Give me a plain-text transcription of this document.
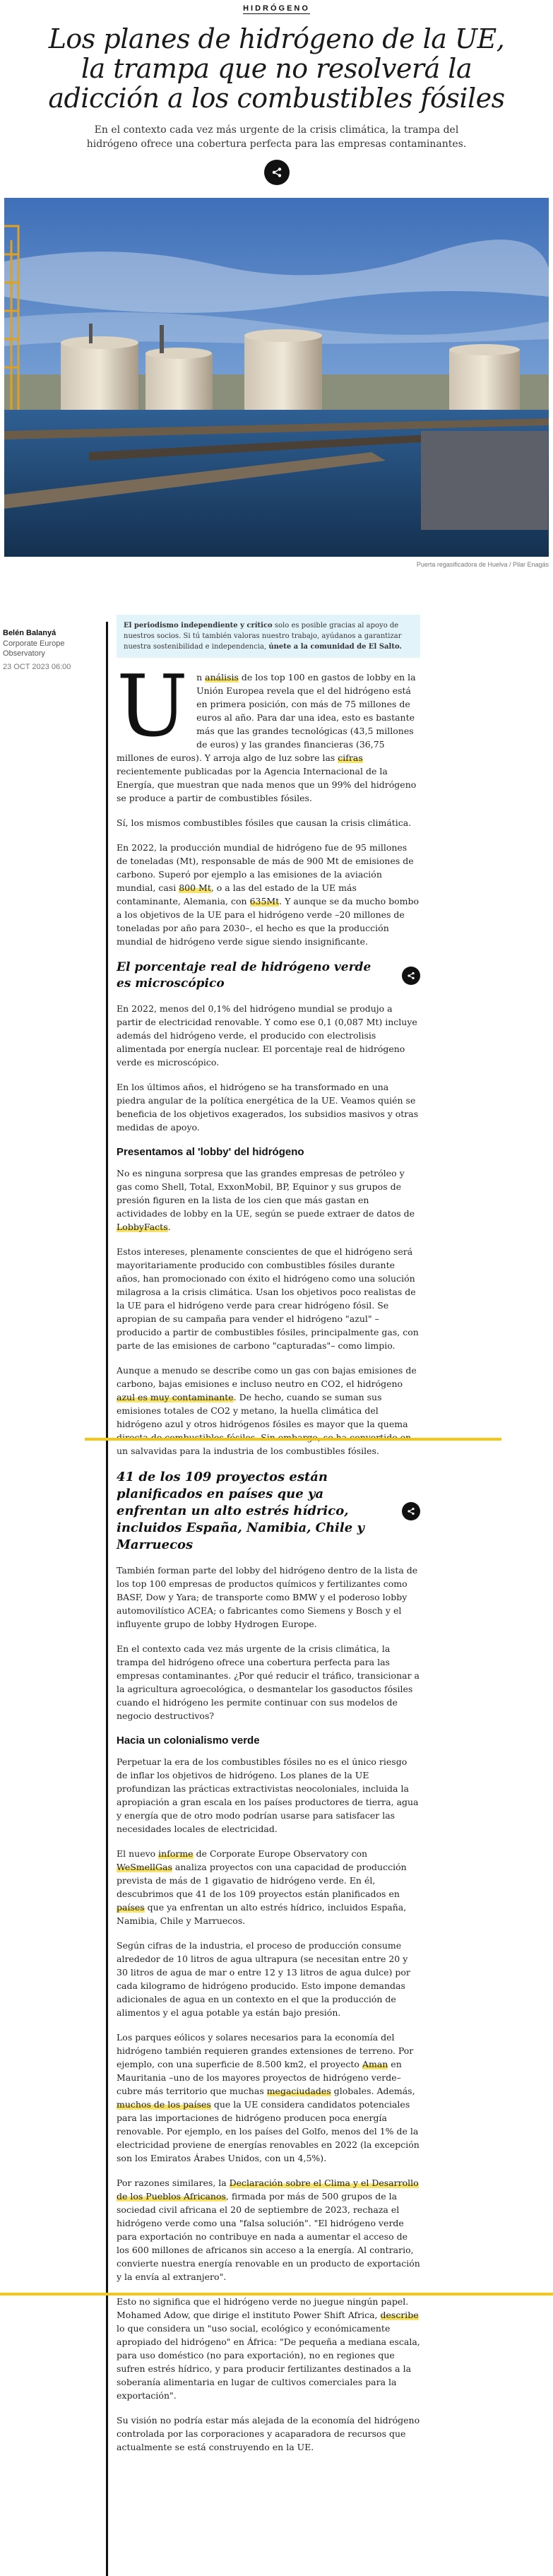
HIDRÓGENO
Los planes de hidrógeno de la UE, la trampa que no resolverá la adicción a los combustibles fósiles

En el contexto cada vez más urgente de la crisis climática, la trampa del hidrógeno ofrece una cobertura perfecta para las empresas contaminantes.

Puerta regasificadora de Huelva / Pilar Enagás
Belén Balanyá
Corporate Europe Observatory
23 OCT 2023 06:00
El periodismo independiente y crítico solo es posible gracias al apoyo de nuestros socios. Si tú también valoras nuestro trabajo, ayúdanos a garantizar nuestra sostenibilidad e independencia, únete a la comunidad de El Salto.

Un análisis de los top 100 en gastos de lobby en la Unión Europea revela que el del hidrógeno está en primera posición, con más de 75 millones de euros al año. Para dar una idea, esto es bastante más que las grandes tecnológicas (43,5 millones de euros) y las grandes financieras (36,75 millones de euros). Y arroja algo de luz sobre las cifras recientemente publicadas por la Agencia Internacional de la Energía, que muestran que nada menos que un 99% del hidrógeno se produce a partir de combustibles fósiles.

Sí, los mismos combustibles fósiles que causan la crisis climática.

En 2022, la producción mundial de hidrógeno fue de 95 millones de toneladas (Mt), responsable de más de 900 Mt de emisiones de carbono. Superó por ejemplo a las emisiones de la aviación mundial, casi 800 Mt, o a las del estado de la UE más contaminante, Alemania, con 635Mt. Y aunque se da mucho bombo a los objetivos de la UE para el hidrógeno verde –20 millones de toneladas por año para 2030–, el hecho es que la producción mundial de hidrógeno verde sigue siendo insignificante.

El porcentaje real de hidrógeno verde es microscópico

En 2022, menos del 0,1% del hidrógeno mundial se produjo a partir de electricidad renovable. Y como ese 0,1 (0,087 Mt) incluye además del hidrógeno verde, el producido con electrolisis alimentada por energía nuclear. El porcentaje real de hidrógeno verde es microscópico.

En los últimos años, el hidrógeno se ha transformado en una piedra angular de la política energética de la UE. Veamos quién se beneficia de los objetivos exagerados, los subsidios masivos y otras medidas de apoyo.

Presentamos al 'lobby' del hidrógeno

No es ninguna sorpresa que las grandes empresas de petróleo y gas como Shell, Total, ExxonMobil, BP, Equinor y sus grupos de presión figuren en la lista de los cien que más gastan en actividades de lobby en la UE, según se puede extraer de datos de LobbyFacts.

Estos intereses, plenamente conscientes de que el hidrógeno será mayoritariamente producido con combustibles fósiles durante años, han promocionado con éxito el hidrógeno como una solución milagrosa a la crisis climática. Usan los objetivos poco realistas de la UE para el hidrógeno verde para crear hidrógeno fósil. Se apropian de su campaña para vender el hidrógeno "azul" –producido a partir de combustibles fósiles, principalmente gas, con parte de las emisiones de carbono "capturadas"– como limpio.

Aunque a menudo se describe como un gas con bajas emisiones de carbono, bajas emisiones e incluso neutro en CO2, el hidrógeno azul es muy contaminante. De hecho, cuando se suman sus emisiones totales de CO2 y metano, la huella climática del hidrógeno azul y otros hidrógenos fósiles es mayor que la quema un salvavidas para la industria de los combustibles fósiles.

41 de los 109 proyectos están planificados en países que ya enfrentan un alto estrés hídrico, incluidos España, Namibia, Chile y Marruecos

También forman parte del lobby del hidrógeno dentro de la lista de los top 100 empresas de productos químicos y fertilizantes como BASF, Dow y Yara; de transporte como BMW y el poderoso lobby automovilístico ACEA; o fabricantes como Siemens y Bosch y el influyente grupo de lobby Hydrogen Europe.

En el contexto cada vez más urgente de la crisis climática, la trampa del hidrógeno ofrece una cobertura perfecta para las empresas contaminantes. ¿Por qué reducir el tráfico, transicionar a la agricultura agroecológica, o desmantelar los gasoductos fósiles cuando el hidrógeno les permite continuar con sus modelos de negocio destructivos?

Hacia un colonialismo verde

Perpetuar la era de los combustibles fósiles no es el único riesgo de inflar los objetivos de hidrógeno. Los planes de la UE profundizan las prácticas extractivistas neocoloniales, incluida la apropiación a gran escala en los países productores de tierra, agua y energía que de otro modo podrían usarse para satisfacer las necesidades locales de electricidad.

El nuevo informe de Corporate Europe Observatory con WeSmellGas analiza proyectos con una capacidad de producción prevista de más de 1 gigavatio de hidrógeno verde. En él, descubrimos que 41 de los 109 proyectos están planificados en países que ya enfrentan un alto estrés hídrico, incluidos España, Namibia, Chile y Marruecos.

Según cifras de la industria, el proceso de producción consume alrededor de 10 litros de agua ultrapura (se necesitan entre 20 y 30 litros de agua de mar o entre 12 y 13 litros de agua dulce) por cada kilogramo de hidrógeno producido. Esto impone demandas adicionales de agua en un contexto en el que la producción de alimentos y el agua potable ya están bajo presión.

Los parques eólicos y solares necesarios para la economía del hidrógeno también requieren grandes extensiones de terreno. Por ejemplo, con una superficie de 8.500 km2, el proyecto Aman en Mauritania –uno de los mayores proyectos de hidrógeno verde– cubre más territorio que muchas megaciudades globales. Además, muchos de los países que la UE considera candidatos potenciales para las importaciones de hidrógeno producen poca energía renovable. Por ejemplo, en los países del Golfo, menos del 1% de la electricidad proviene de energías renovables en 2022 (la excepción son los Emiratos Árabes Unidos, con un 4,5%).

Por razones similares, la Declaración sobre el Clima y el Desarrollo de los Pueblos Africanos, firmada por más de 500 grupos de la sociedad civil africana el 20 de septiembre de 2023, rechaza el hidrógeno verde como una "falsa solución". "El hidrógeno verde para exportación no contribuye en nada a aumentar el acceso de los 600 millones de africanos sin acceso a la energía. Al contrario, convierte nuestra energía renovable en un producto de exportación y la envía al extranjero".

Esto no significa que el hidrógeno verde no juegue ningún papel. Mohamed Adow, que dirige el instituto Power Shift Africa, describe lo que considera un "uso social, ecológico y económicamente apropiado del hidrógeno" en África: "De pequeña a mediana escala, para uso doméstico (no para exportación), no en regiones que sufren estrés hídrico, y para producir fertilizantes destinados a la soberanía alimentaria en lugar de cultivos comerciales para la exportación".

Su visión no podría estar más alejada de la economía del hidrógeno controlada por las corporaciones y acaparadora de recursos que actualmente se está construyendo en la UE.
